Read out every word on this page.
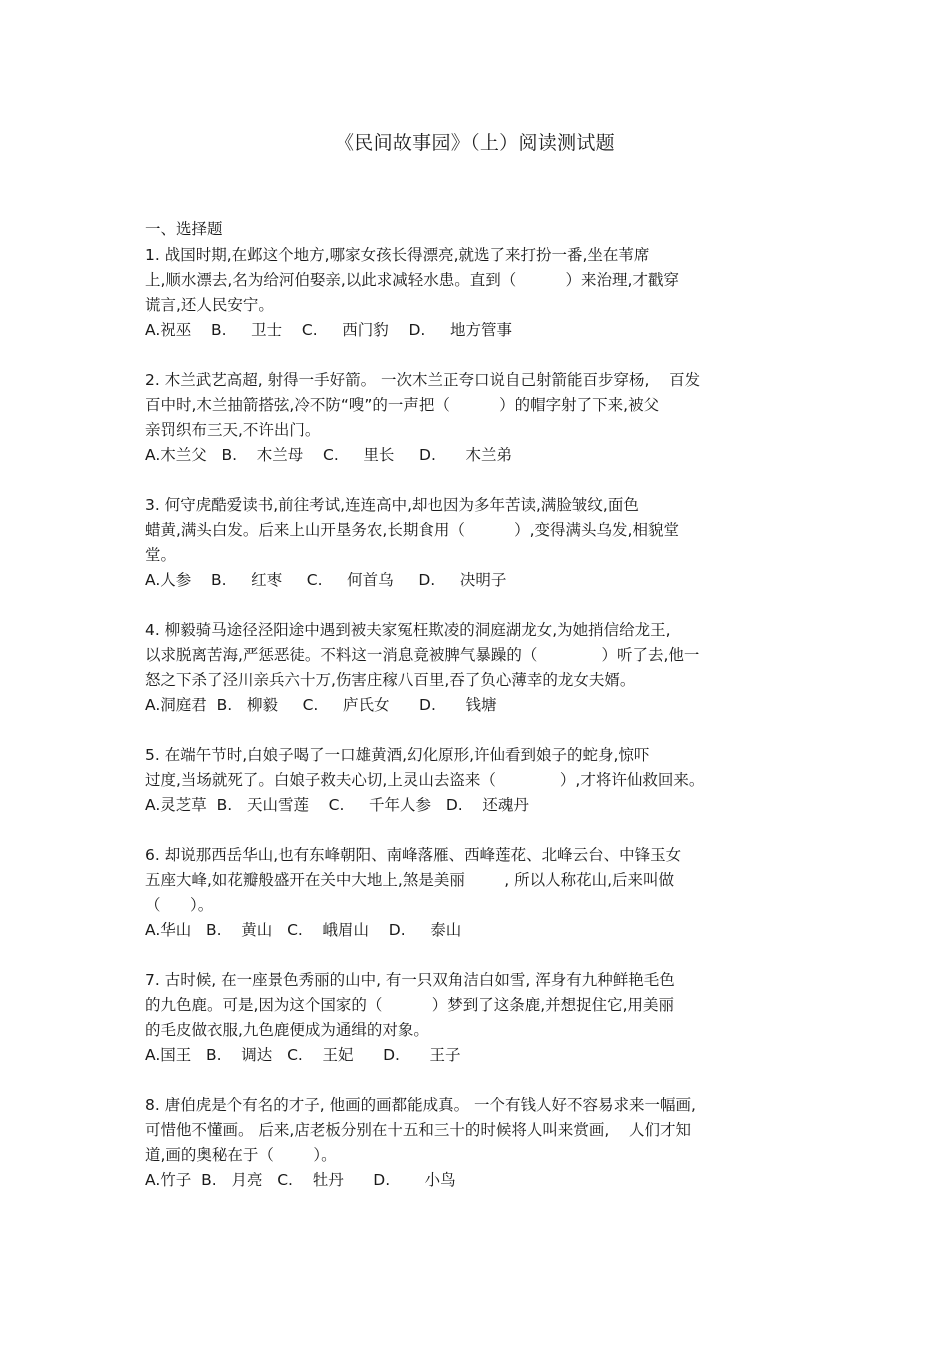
《民间故事园》（上）阅读测试题
一、选择题

1. 战国时期,在邺这个地方,哪家女孩长得漂亮,就选了来打扮一番,坐在苇席

上,顺水漂去,名为给河伯娶亲,以此求减轻水患。直到（          ）来治理,才戳穿

谎言,还人民安宁。

A.祝巫    B.     卫士    C.     西门豹    D.     地方管事

2. 木兰武艺高超, 射得一手好箭。 一次木兰正夸口说自己射箭能百步穿杨,    百发

百中时,木兰抽箭搭弦,冷不防“嗖”的一声把（          ）的帽字射了下来,被父

亲罚织布三天,不许出门。

A.木兰父   B.    木兰母    C.     里长     D.      木兰弟

3. 何守虎酷爱读书,前往考试,连连高中,却也因为多年苦读,满脸皱纹,面色

蜡黄,满头白发。后来上山开垦务农,长期食用（          ）,变得满头乌发,相貌堂

堂。

A.人参    B.     红枣     C.     何首乌     D.     决明子

4. 柳毅骑马途径泾阳途中遇到被夫家冤枉欺凌的洞庭湖龙女,为她捎信给龙王,

以求脱离苦海,严惩恶徒。不料这一消息竟被脾气暴躁的（             ）听了去,他一

怒之下杀了泾川亲兵六十万,伤害庄稼八百里,吞了负心薄幸的龙女夫婿。

A.洞庭君  B.   柳毅     C.     庐氏女      D.      钱塘

5. 在端午节时,白娘子喝了一口雄黄酒,幻化原形,许仙看到娘子的蛇身,惊吓

过度,当场就死了。白娘子救夫心切,上灵山去盗来（             ）,才将许仙救回来。

A.灵芝草  B.   天山雪莲    C.     千年人参   D.    还魂丹

6. 却说那西岳华山,也有东峰朝阳、南峰落雁、西峰莲花、北峰云台、中锋玉女

五座大峰,如花瓣般盛开在关中大地上,煞是美丽        , 所以人称花山,后来叫做

（      ）。

A.华山   B.    黄山   C.    峨眉山    D.     泰山

7. 古时候, 在一座景色秀丽的山中, 有一只双角洁白如雪, 浑身有九种鲜艳毛色

的九色鹿。可是,因为这个国家的（          ）梦到了这条鹿,并想捉住它,用美丽

的毛皮做衣服,九色鹿便成为通缉的对象。

A.国王   B.    调达   C.    王妃      D.      王子

8. 唐伯虎是个有名的才子, 他画的画都能成真。 一个有钱人好不容易求来一幅画,

可惜他不懂画。 后来,店老板分别在十五和三十的时候将人叫来赏画,    人们才知

道,画的奥秘在于（        ）。

A.竹子  B.   月亮   C.    牡丹      D.       小鸟
